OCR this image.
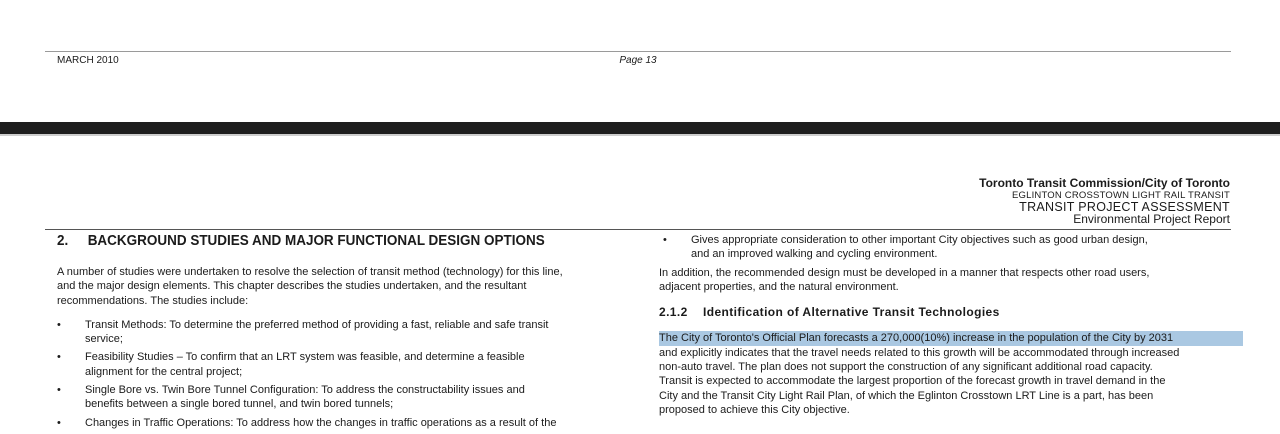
MARCH 2010	Page 13
Toronto Transit Commission/City of Toronto
EGLINTON CROSSTOWN LIGHT RAIL TRANSIT
TRANSIT PROJECT ASSESSMENT
Environmental Project Report
2.	BACKGROUND STUDIES AND MAJOR FUNCTIONAL DESIGN OPTIONS

A number of studies were undertaken to resolve the selection of transit method (technology) for this line,
and the major design elements. This chapter describes the studies undertaken, and the resultant
recommendations. The studies include:

•	Transit Methods: To determine the preferred method of providing a fast, reliable and safe transit
service;
•	Feasibility Studies – To confirm that an LRT system was feasible, and determine a feasible
alignment for the central project;
•	Single Bore vs. Twin Bore Tunnel Configuration: To address the constructability issues and
benefits between a single bored tunnel, and twin bored tunnels;
•	Changes in Traffic Operations: To address how the changes in traffic operations as a result of the
•	Gives appropriate consideration to other important City objectives such as good urban design,
and an improved walking and cycling environment.

In addition, the recommended design must be developed in a manner that respects other road users,
adjacent properties, and the natural environment.

2.1.2	Identification of Alternative Transit Technologies
The City of Toronto's Official Plan forecasts a 270,000(10%) increase in the population of the City by 2031
and explicitly indicates that the travel needs related to this growth will be accommodated through increased
non-auto travel. The plan does not support the construction of any significant additional road capacity.
Transit is expected to accommodate the largest proportion of the forecast growth in travel demand in the
City and the Transit City Light Rail Plan, of which the Eglinton Crosstown LRT Line is a part, has been
proposed to achieve this City objective.
